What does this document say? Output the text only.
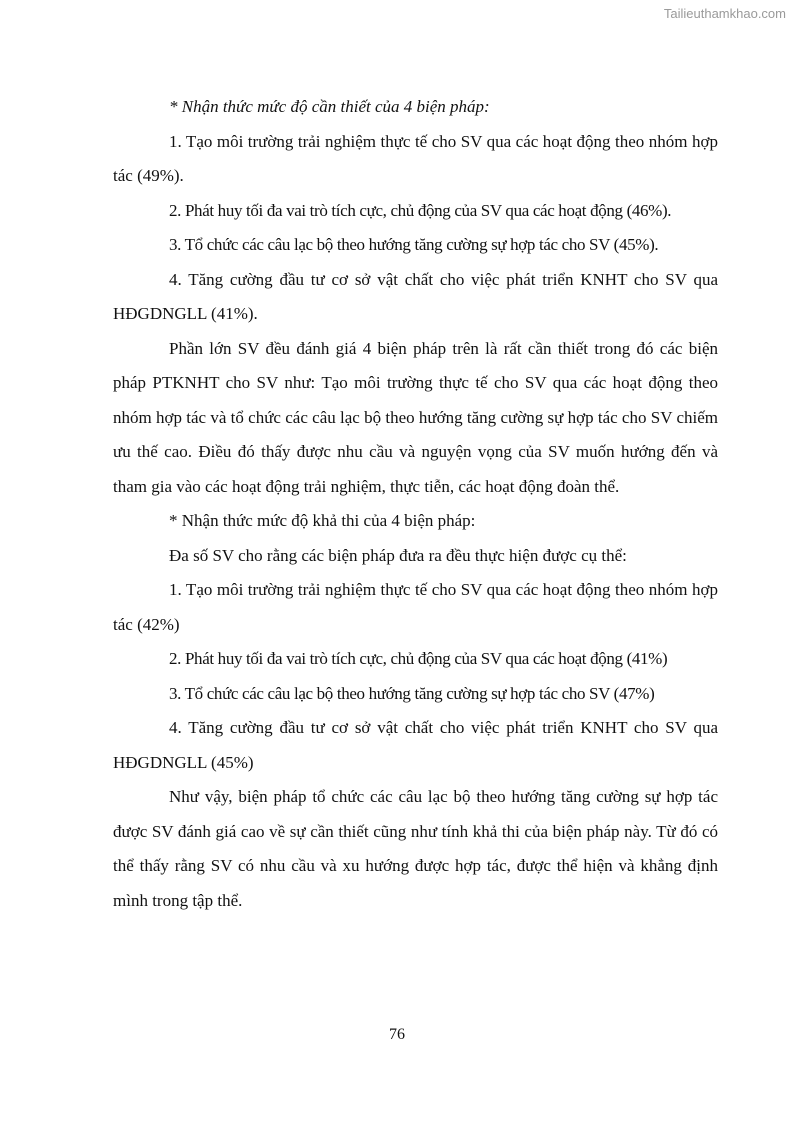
Tailieuthamkhao.com

* Nhận thức mức độ cần thiết của 4 biện pháp:

1. Tạo môi trường trải nghiệm thực tế cho SV qua các hoạt động theo nhóm hợp tác (49%).

2. Phát huy tối đa vai trò tích cực, chủ động của SV qua các hoạt động (46%).

3. Tổ chức các câu lạc bộ theo hướng tăng cường sự hợp tác cho SV (45%).

4. Tăng cường đầu tư cơ sở vật chất cho việc phát triển KNHT cho SV qua HĐGDNGLL (41%).

Phần lớn SV đều đánh giá 4 biện pháp trên là rất cần thiết trong đó các biện pháp PTKNHT cho SV như: Tạo môi trường thực tế cho SV qua các hoạt động theo nhóm hợp tác và tổ chức các câu lạc bộ theo hướng tăng cường sự hợp tác cho SV chiếm ưu thế cao. Điều đó thấy được nhu cầu và nguyện vọng của SV muốn hướng đến và tham gia vào các hoạt động trải nghiệm, thực tiễn, các hoạt động đoàn thể.

* Nhận thức mức độ khả thi của 4 biện pháp:

Đa số SV cho rằng các biện pháp đưa ra đều thực hiện được cụ thể:

1. Tạo môi trường trải nghiệm thực tế cho SV qua các hoạt động theo nhóm hợp tác (42%)

2. Phát huy tối đa vai trò tích cực, chủ động của SV qua các hoạt động (41%)

3. Tổ chức các câu lạc bộ theo hướng tăng cường sự hợp tác cho SV (47%)

4. Tăng cường đầu tư cơ sở vật chất cho việc phát triển KNHT cho SV qua HĐGDNGLL (45%)

Như vậy, biện pháp tổ chức các câu lạc bộ theo hướng tăng cường sự hợp tác được SV đánh giá cao về sự cần thiết cũng như tính khả thi của biện pháp này. Từ đó có thể thấy rằng SV có nhu cầu và xu hướng được hợp tác, được thể hiện và khẳng định mình trong tập thể.

76
